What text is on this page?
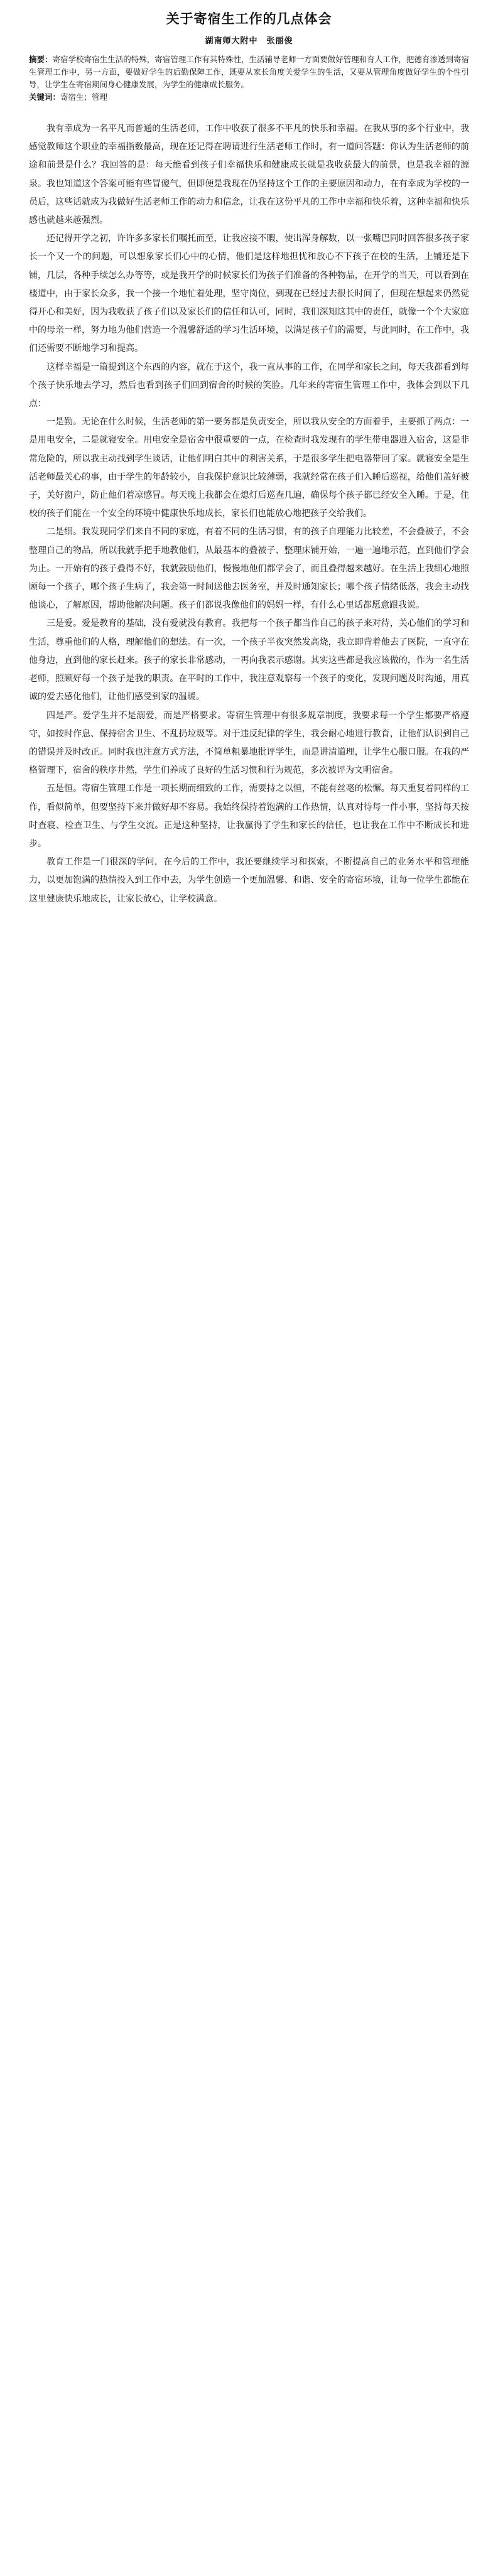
关于寄宿生工作的几点体会
湖南师大附中　张丽俊

摘要：寄宿学校寄宿生生活的特殊，寄宿管理工作有其特殊性，生活辅导老师一方面要做好管理和育人工作，把德育渗透到寄宿生管理工作中，另一方面，要做好学生的后勤保障工作，既要从家长角度关爱学生的生活，又要从管理角度做好学生的个性引导，让学生在寄宿期间身心健康发展，为学生的健康成长服务。

关键词：寄宿生；管理

我有幸成为一名平凡而普通的生活老师，工作中收获了很多不平凡的快乐和幸福。在我从事的多个行业中，我感觉教师这个职业的幸福指数最高，现在还记得在聘请进行生活老师工作时，有一道问答题：你认为生活老师的前途和前景是什么？我回答的是：每天能看到孩子们幸福快乐和健康成长就是我收获最大的前景，也是我幸福的源泉。我也知道这个答案可能有些冒傻气，但即便是我现在仍坚持这个工作的主要原因和动力，在有幸成为学校的一员后，这些话就成为我做好生活老师工作的动力和信念，让我在这份平凡的工作中幸福和快乐着，这种幸福和快乐感也就越来越强烈。

还记得开学之初，许许多多家长们嘱托而至，让我应接不暇，使出浑身解数，以一张嘴巴同时回答很多孩子家长一个又一个的问题，可以想象家长们心中的心情，他们是这样地担忧和放心不下孩子在校的生活，上铺还是下铺，几层，各种手续怎么办等等，或是我开学的时候家长们为孩子们准备的各种物品，在开学的当天，可以看到在楼道中，由于家长众多，我一个接一个地忙着处理，坚守岗位，到现在已经过去很长时间了，但现在想起来仍然觉得开心和美好，因为我收获了孩子们以及家长们的信任和认可，同时，我们深知这其中的责任，就像一个个大家庭中的母亲一样，努力地为他们营造一个温馨舒适的学习生活环境，以满足孩子们的需要，与此同时，在工作中，我们还需要不断地学习和提高。

这样幸福是一篇提到这个东西的内容，就在于这个，我一直从事的工作，在同学和家长之间，每天我都看到每个孩子快乐地去学习，然后也看到孩子们回到宿舍的时候的笑脸。几年来的寄宿生管理工作中，我体会到以下几点：

一是勤。无论在什么时候，生活老师的第一要务都是负责安全，所以我从安全的方面着手，主要抓了两点：一是用电安全，二是就寝安全。用电安全是宿舍中很重要的一点，在检查时我发现有的学生带电器进入宿舍，这是非常危险的，所以我主动找到学生谈话，让他们明白其中的利害关系，于是很多学生把电器带回了家。就寝安全是生活老师最关心的事，由于学生的年龄较小，自我保护意识比较薄弱，我就经常在孩子们入睡后巡视，给他们盖好被子，关好窗户，防止他们着凉感冒。每天晚上我都会在熄灯后巡查几遍，确保每个孩子都已经安全入睡。于是，住校的孩子们能在一个安全的环境中健康快乐地成长，家长们也能放心地把孩子交给我们。

二是细。我发现同学们来自不同的家庭，有着不同的生活习惯，有的孩子自理能力比较差，不会叠被子，不会整理自己的物品，所以我就手把手地教他们，从最基本的叠被子、整理床铺开始，一遍一遍地示范，直到他们学会为止。一开始有的孩子叠得不好，我就鼓励他们，慢慢地他们都学会了，而且叠得越来越好。在生活上我细心地照顾每一个孩子，哪个孩子生病了，我会第一时间送他去医务室，并及时通知家长；哪个孩子情绪低落，我会主动找他谈心，了解原因，帮助他解决问题。孩子们都说我像他们的妈妈一样，有什么心里话都愿意跟我说。

三是爱。爱是教育的基础，没有爱就没有教育。我把每一个孩子都当作自己的孩子来对待，关心他们的学习和生活，尊重他们的人格，理解他们的想法。有一次，一个孩子半夜突然发高烧，我立即背着他去了医院，一直守在他身边，直到他的家长赶来。孩子的家长非常感动，一再向我表示感谢。其实这些都是我应该做的，作为一名生活老师，照顾好每一个孩子是我的职责。在平时的工作中，我注意观察每一个孩子的变化，发现问题及时沟通，用真诚的爱去感化他们，让他们感受到家的温暖。

四是严。爱学生并不是溺爱，而是严格要求。寄宿生管理中有很多规章制度，我要求每一个学生都要严格遵守，如按时作息、保持宿舍卫生、不乱扔垃圾等。对于违反纪律的学生，我会耐心地进行教育，让他们认识到自己的错误并及时改正。同时我也注意方式方法，不简单粗暴地批评学生，而是讲清道理，让学生心服口服。在我的严格管理下，宿舍的秩序井然，学生们养成了良好的生活习惯和行为规范，多次被评为文明宿舍。

五是恒。寄宿生管理工作是一项长期而细致的工作，需要持之以恒，不能有丝毫的松懈。每天重复着同样的工作，看似简单，但要坚持下来并做好却不容易。我始终保持着饱满的工作热情，认真对待每一件小事，坚持每天按时查寝、检查卫生、与学生交流。正是这种坚持，让我赢得了学生和家长的信任，也让我在工作中不断成长和进步。

教育工作是一门很深的学问，在今后的工作中，我还要继续学习和探索，不断提高自己的业务水平和管理能力，以更加饱满的热情投入到工作中去，为学生创造一个更加温馨、和谐、安全的寄宿环境，让每一位学生都能在这里健康快乐地成长，让家长放心，让学校满意。
